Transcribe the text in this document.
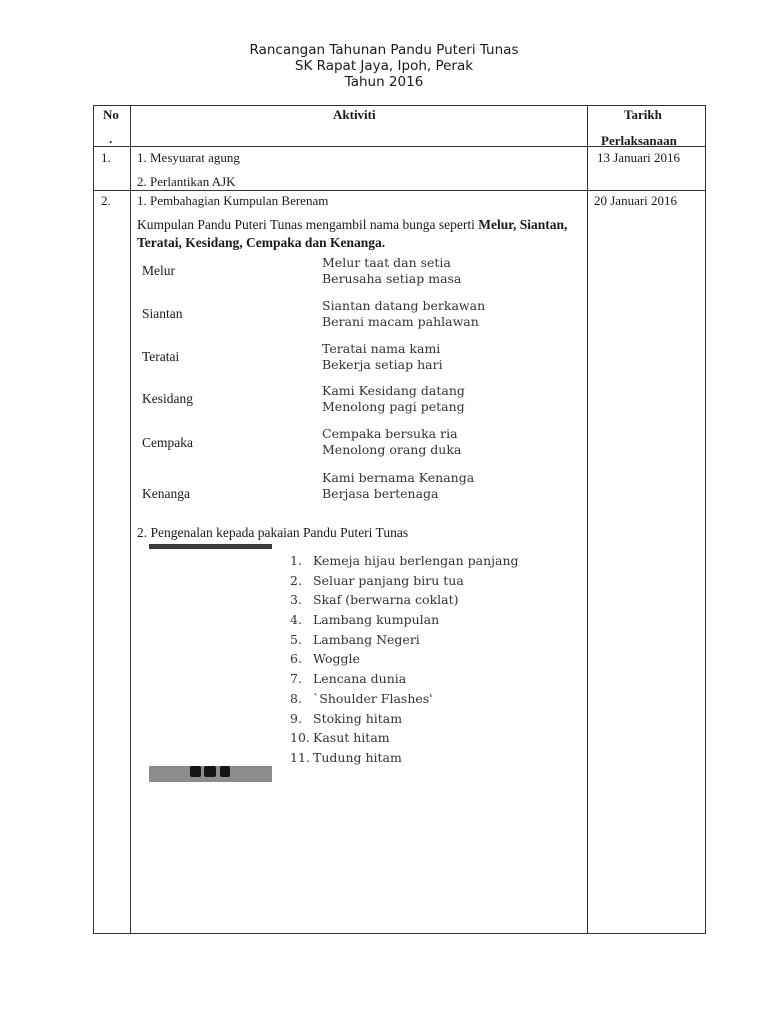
Rancangan Tahunan Pandu Puteri Tunas
SK Rapat Jaya, Ipoh, Perak
Tahun 2016
No
.
Aktiviti	Tarikh
Perlaksanaan
1. 1. Mesyuarat agung
2. Perlantikan AJK
13 Januari 2016
2. 1. Pembahagian Kumpulan Berenam	20 Januari 2016
Kumpulan Pandu Puteri Tunas mengambil nama bunga seperti Melur, Siantan, Teratai, Kesidang, Cempaka dan Kenanga.
Melur
Melur taat dan setia
Berusaha setiap masa
Siantan
Siantan datang berkawan
Berani macam pahlawan
Teratai
Teratai nama kami
Bekerja setiap hari
Kesidang
Kami Kesidang datang
Menolong pagi petang
Cempaka
Cempaka bersuka ria
Menolong orang duka
Kenanga
Kami bernama Kenanga
Berjasa bertenaga
2. Pengenalan kepada pakaian Pandu Puteri Tunas
1. Kemeja hijau berlengan panjang
2. Seluar panjang biru tua
3. Skaf (berwarna coklat)
4. Lambang kumpulan
5. Lambang Negeri
6. Woggle
7. Lencana dunia
8. `Shoulder Flashes'
9. Stoking hitam
10. Kasut hitam
11. Tudung hitam
